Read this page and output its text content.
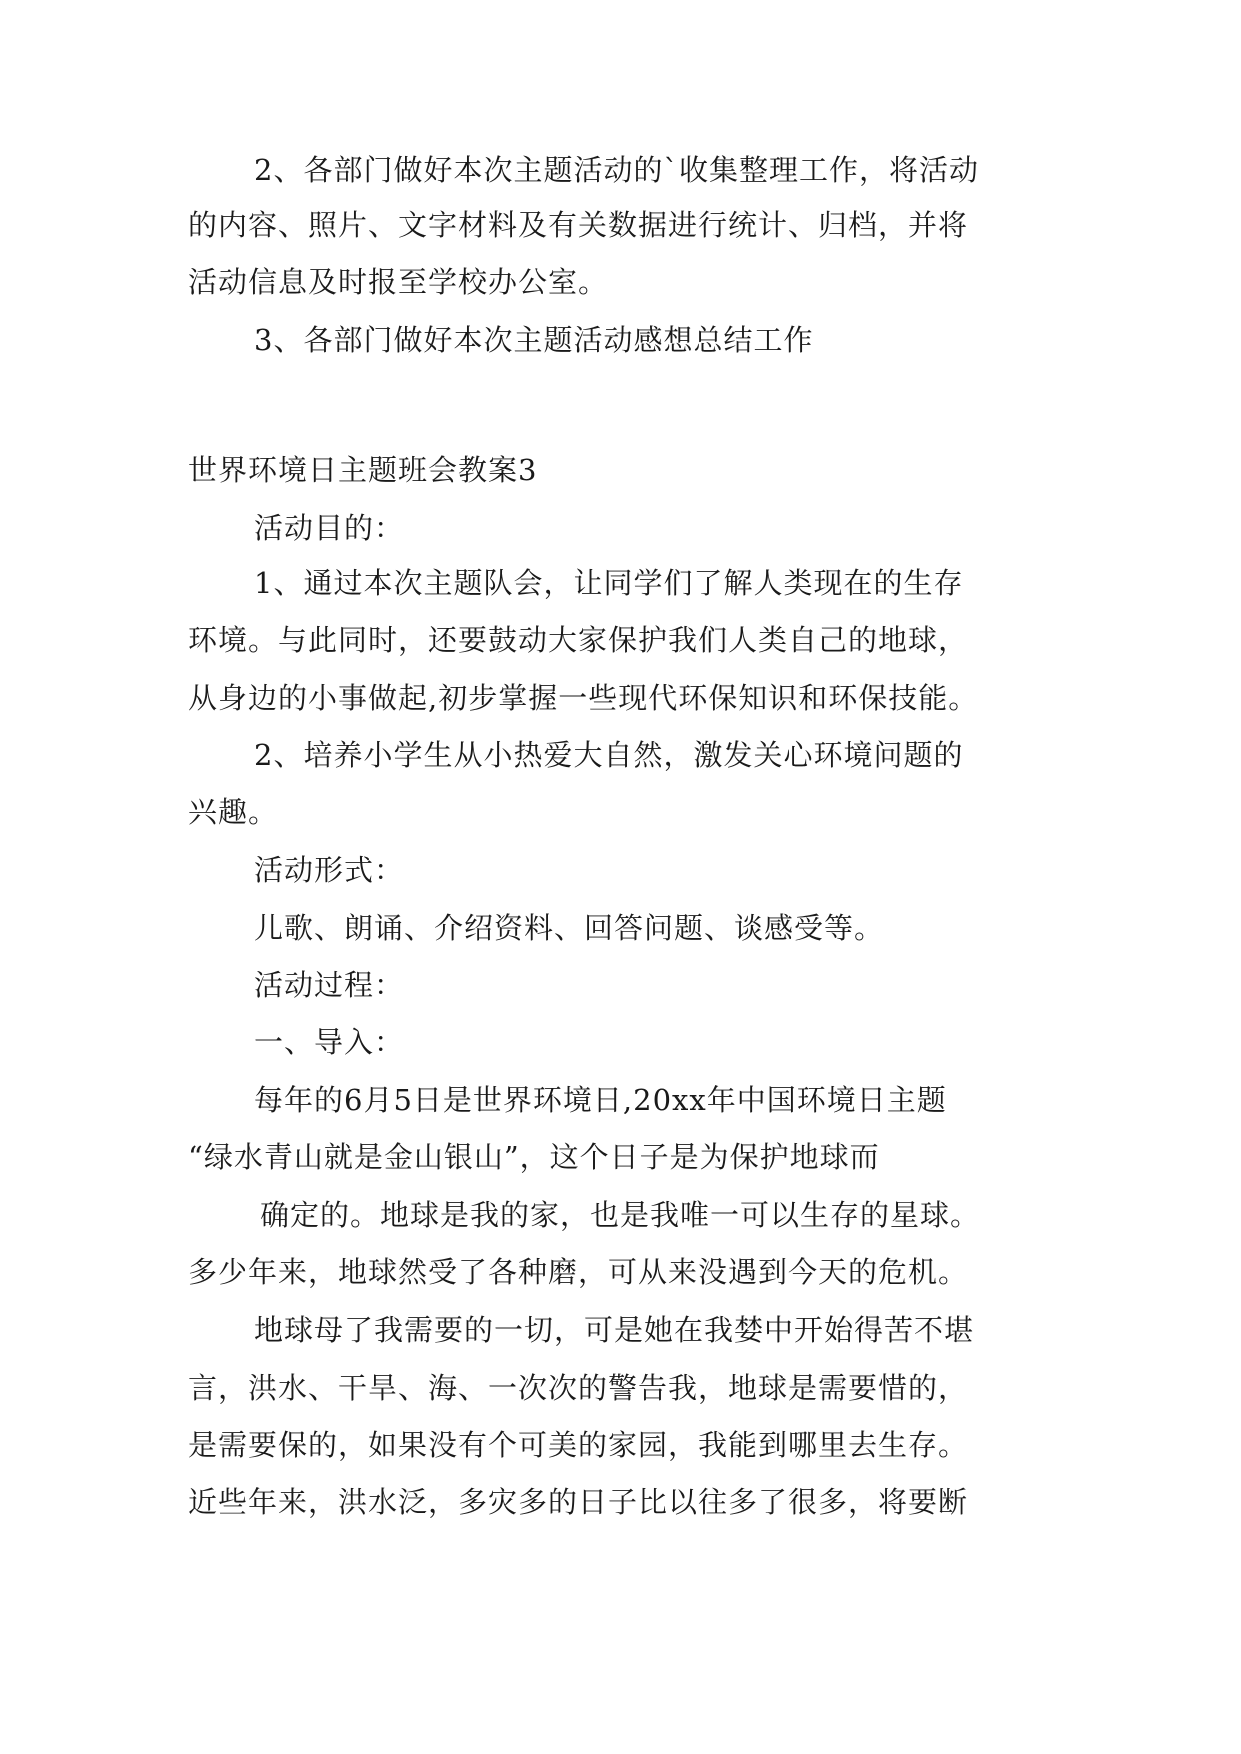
2、各部门做好本次主题活动的`收集整理工作，将活动

的内容、照片、文字材料及有关数据进行统计、归档，并将

活动信息及时报至学校办公室。

3、各部门做好本次主题活动感想总结工作

世界环境日主题班会教案3

活动目的：

1、通过本次主题队会，让同学们了解人类现在的生存

环境。与此同时，还要鼓动大家保护我们人类自己的地球，

从身边的小事做起,初步掌握一些现代环保知识和环保技能。

2、培养小学生从小热爱大自然，激发关心环境问题的

兴趣。

活动形式：

儿歌、朗诵、介绍资料、回答问题、谈感受等。

活动过程：

一、导入：

每年的6月5日是世界环境日,20xx年中国环境日主题

“绿水青山就是金山银山”，这个日子是为保护地球而

确定的。地球是我的家，也是我唯一可以生存的星球。

多少年来，地球然受了各种磨，可从来没遇到今天的危机。

地球母了我需要的一切，可是她在我婪中开始得苦不堪

言，洪水、干旱、海、一次次的警告我，地球是需要惜的，

是需要保的，如果没有个可美的家园，我能到哪里去生存。

近些年来，洪水泛，多灾多的日子比以往多了很多，将要断
